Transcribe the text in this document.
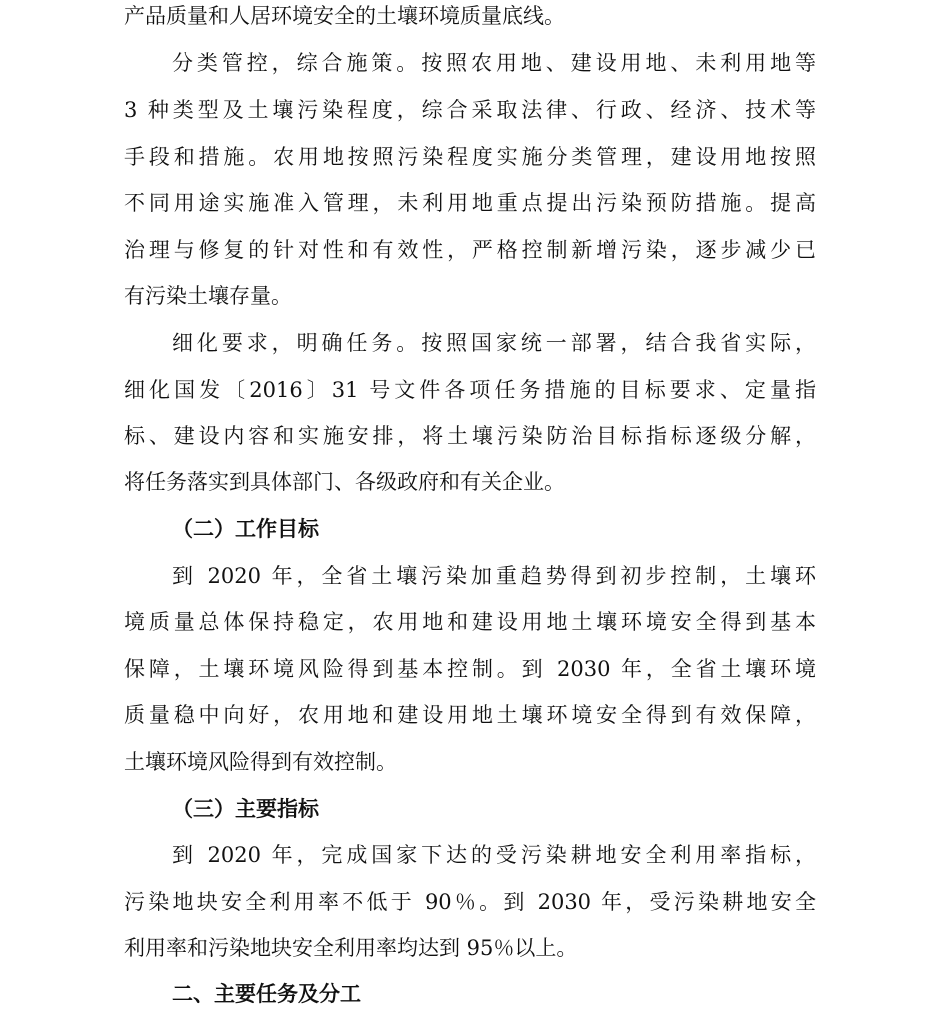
产品质量和人居环境安全的土壤环境质量底线。
分类管控，综合施策。按照农用地、建设用地、未利用地等
3 种类型及土壤污染程度，综合采取法律、行政、经济、技术等
手段和措施。农用地按照污染程度实施分类管理，建设用地按照
不同用途实施准入管理，未利用地重点提出污染预防措施。提高
治理与修复的针对性和有效性，严格控制新增污染，逐步减少已
有污染土壤存量。
细化要求，明确任务。按照国家统一部署，结合我省实际，
细化国发〔2016〕31 号文件各项任务措施的目标要求、定量指
标、建设内容和实施安排，将土壤污染防治目标指标逐级分解，
将任务落实到具体部门、各级政府和有关企业。
（二）工作目标
到 2020 年，全省土壤污染加重趋势得到初步控制，土壤环
境质量总体保持稳定，农用地和建设用地土壤环境安全得到基本
保障，土壤环境风险得到基本控制。到 2030 年，全省土壤环境
质量稳中向好，农用地和建设用地土壤环境安全得到有效保障，
土壤环境风险得到有效控制。
（三）主要指标
到 2020 年，完成国家下达的受污染耕地安全利用率指标，
污染地块安全利用率不低于 90％。到 2030 年，受污染耕地安全
利用率和污染地块安全利用率均达到 95％以上。
二、主要任务及分工
